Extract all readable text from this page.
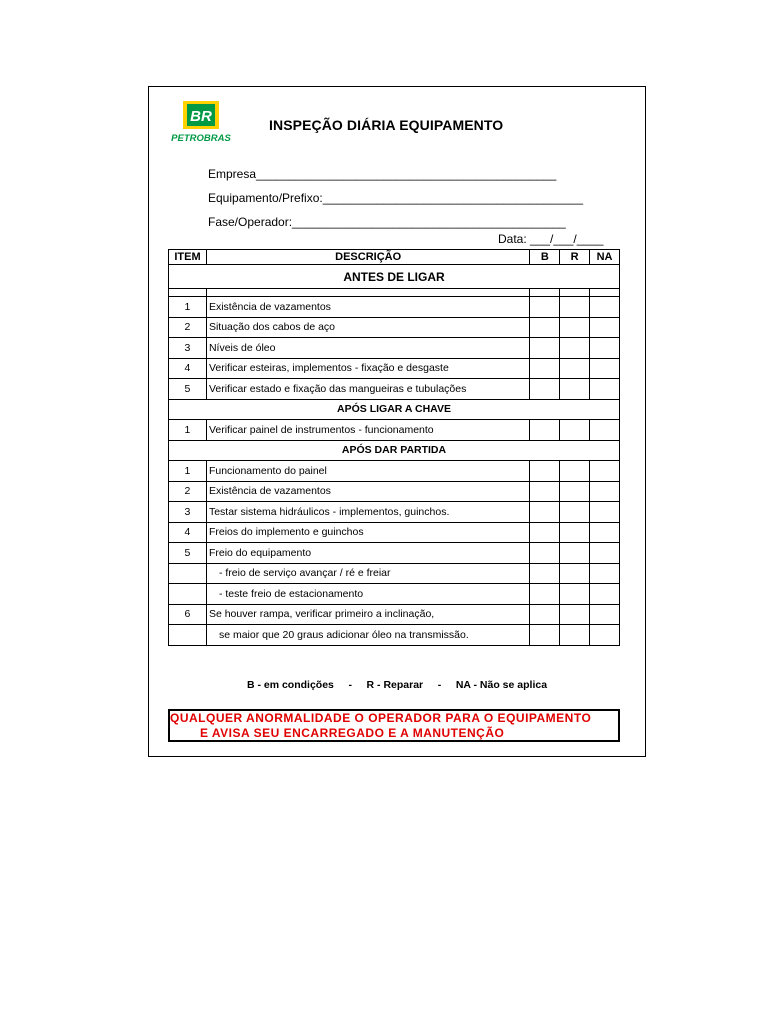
BR
PETROBRAS
INSPEÇÃO DIÁRIA EQUIPAMENTO
Empresa_____________________________________________
Equipamento/Prefixo:_______________________________________
Fase/Operador:_________________________________________
Data: ___/___/____
ITEM	DESCRIÇÃO	B	R	NA
ANTES DE LIGAR				

1	Existência de vazamentos			
2	Situação dos cabos de aço			
3	Níveis de óleo			
4	Verificar esteiras, implementos - fixação e desgaste			
5	Verificar estado e fixação das mangueiras e tubulações			
APÓS LIGAR A CHAVE				
1	Verificar painel de instrumentos - funcionamento			
APÓS DAR PARTIDA				
1	Funcionamento do painel			
2	Existência de vazamentos			
3	Testar sistema hidráulicos - implementos, guinchos.			
4	Freios do implemento e guinchos			
5	Freio do equipamento			
	- freio de serviço avançar / ré e freiar			
	- teste freio de estacionamento			
6	Se houver rampa, verificar primeiro a inclinação,			
	se maior que 20 graus adicionar óleo na transmissão.			
B - em condições     -     R - Reparar     -     NA - Não se aplica
QUALQUER ANORMALIDADE O OPERADOR PARA O EQUIPAMENTO
E AVISA SEU ENCARREGADO E A MANUTENÇÃO
